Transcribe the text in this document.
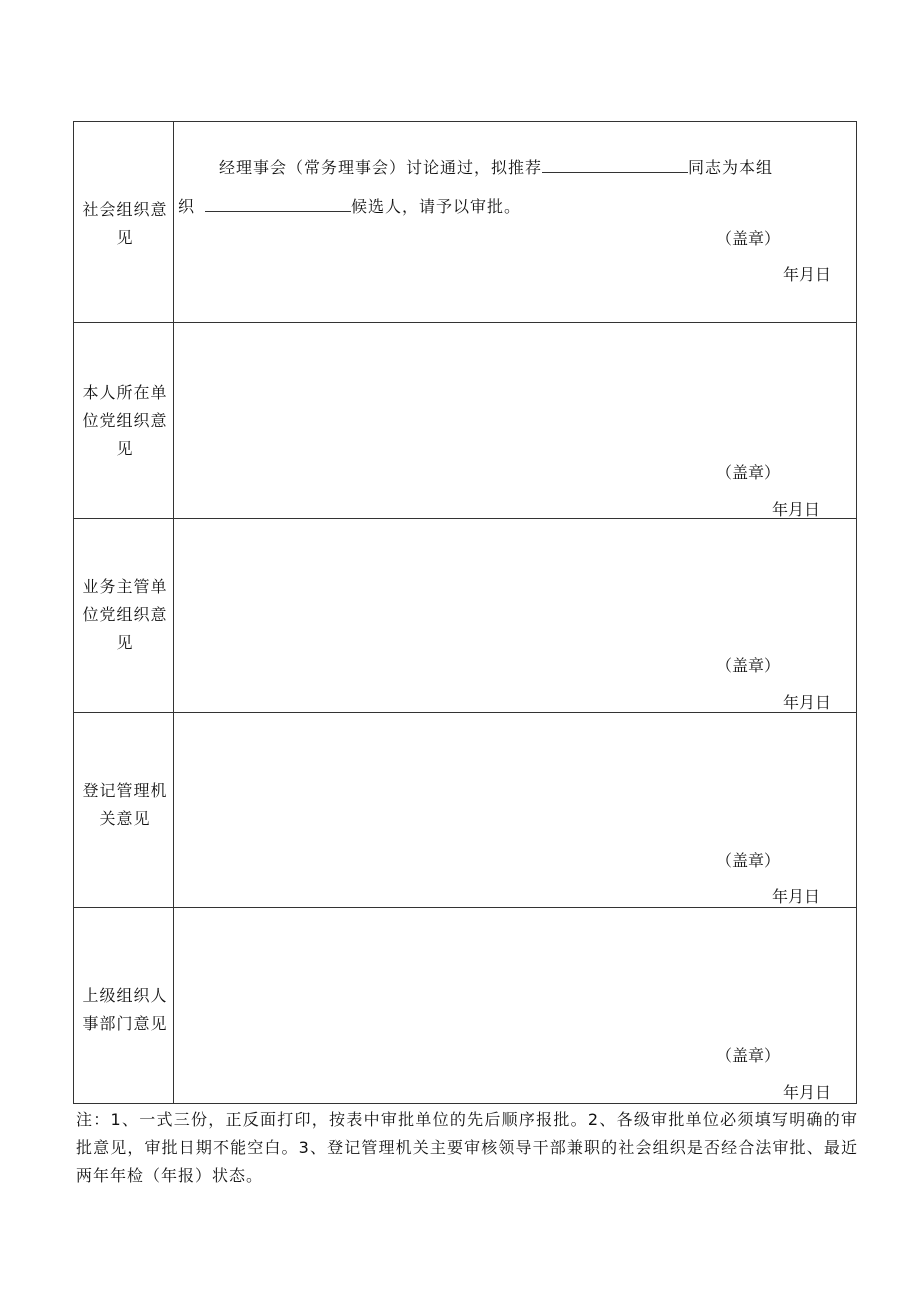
社会组织意
见
经理事会（常务理事会）讨论通过，拟推荐	同志为本组
织	候选人，请予以审批。
（盖章）
年月日
本人所在单
位党组织意
见
（盖章）
年月日
业务主管单
位党组织意
见
（盖章）
年月日
登记管理机
关意见
（盖章）
年月日
上级组织人
事部门意见
（盖章）
年月日
注：1、一式三份，正反面打印，按表中审批单位的先后顺序报批。2、各级审批单位必须填写明确的审批意见，审批日期不能空白。3、登记管理机关主要审核领导干部兼职的社会组织是否经合法审批、最近两年年检（年报）状态。
